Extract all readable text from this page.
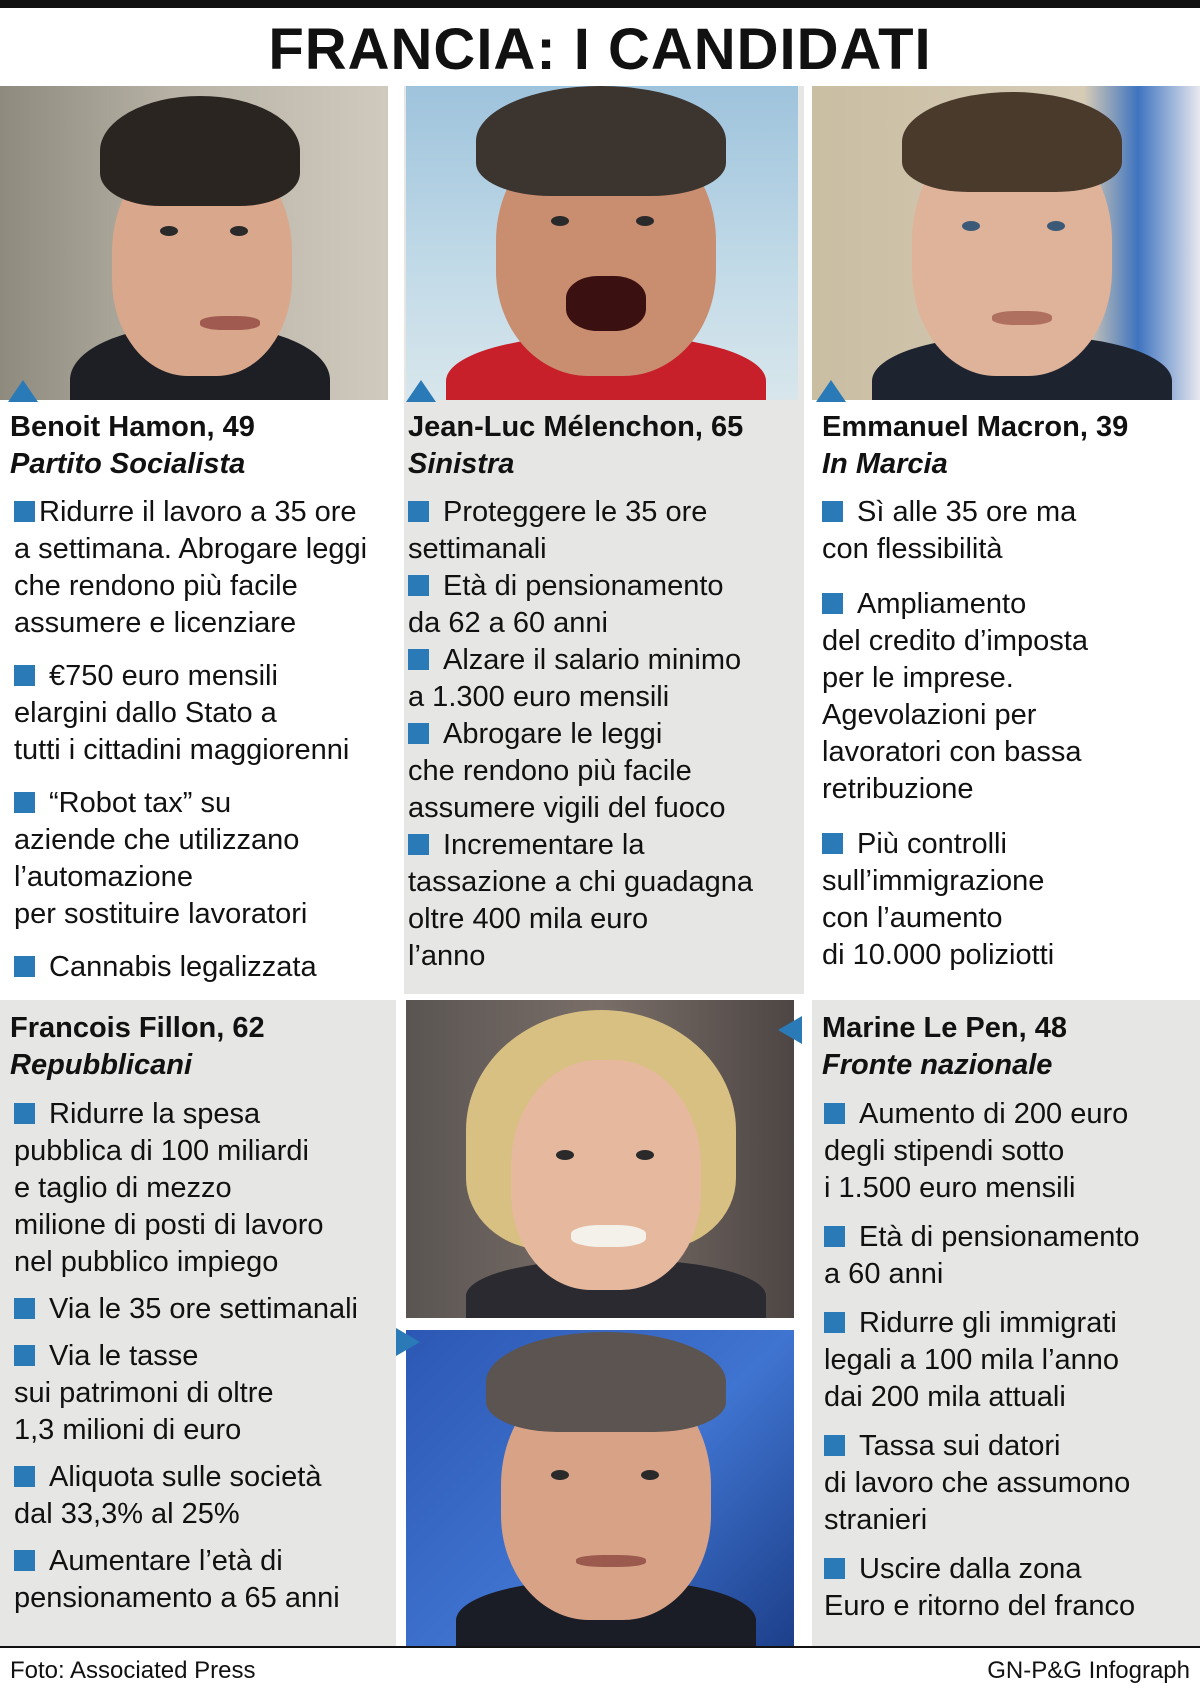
FRANCIA: I CANDIDATI
Benoit Hamon, 49
Partito Socialista

Ridurre il lavoro a 35 ore
a settimana. Abrogare leggi
che rendono più facile
assumere e licenziare

€750 euro mensili
elargini dallo Stato a
tutti i cittadini maggiorenni

“Robot tax” su
aziende che utilizzano
l’automazione
per sostituire lavoratori

Cannabis legalizzata

Jean-Luc Mélenchon, 65
Sinistra

Proteggere le 35 ore
settimanali

Età di pensionamento
da 62 a 60 anni

Alzare il salario minimo
a 1.300 euro mensili

Abrogare le leggi
che rendono più facile
assumere vigili del fuoco

Incrementare la
tassazione a chi guadagna
oltre 400 mila euro
l’anno

Emmanuel Macron, 39
In Marcia

Sì alle 35 ore ma
con flessibilità

Ampliamento
del credito d’imposta
per le imprese.
Agevolazioni per
lavoratori con bassa
retribuzione

Più controlli
sull’immigrazione
con l’aumento
di 10.000 poliziotti

Francois Fillon, 62
Repubblicani

Ridurre la spesa
pubblica di 100 miliardi
e taglio di mezzo
milione di posti di lavoro
nel pubblico impiego

Via le 35 ore settimanali

Via le tasse
sui patrimoni di oltre
1,3 milioni di euro

Aliquota sulle società
dal 33,3% al 25%

Aumentare l’età di
pensionamento a 65 anni

Marine Le Pen, 48
Fronte nazionale

Aumento di 200 euro
degli stipendi sotto
i 1.500 euro mensili

Età di pensionamento
a 60 anni

Ridurre gli immigrati
legali a 100 mila l’anno
dai 200 mila attuali

Tassa sui datori
di lavoro che assumono
stranieri

Uscire dalla zona
Euro e ritorno del franco

Foto: Associated Press	GN-P&G Infograph
